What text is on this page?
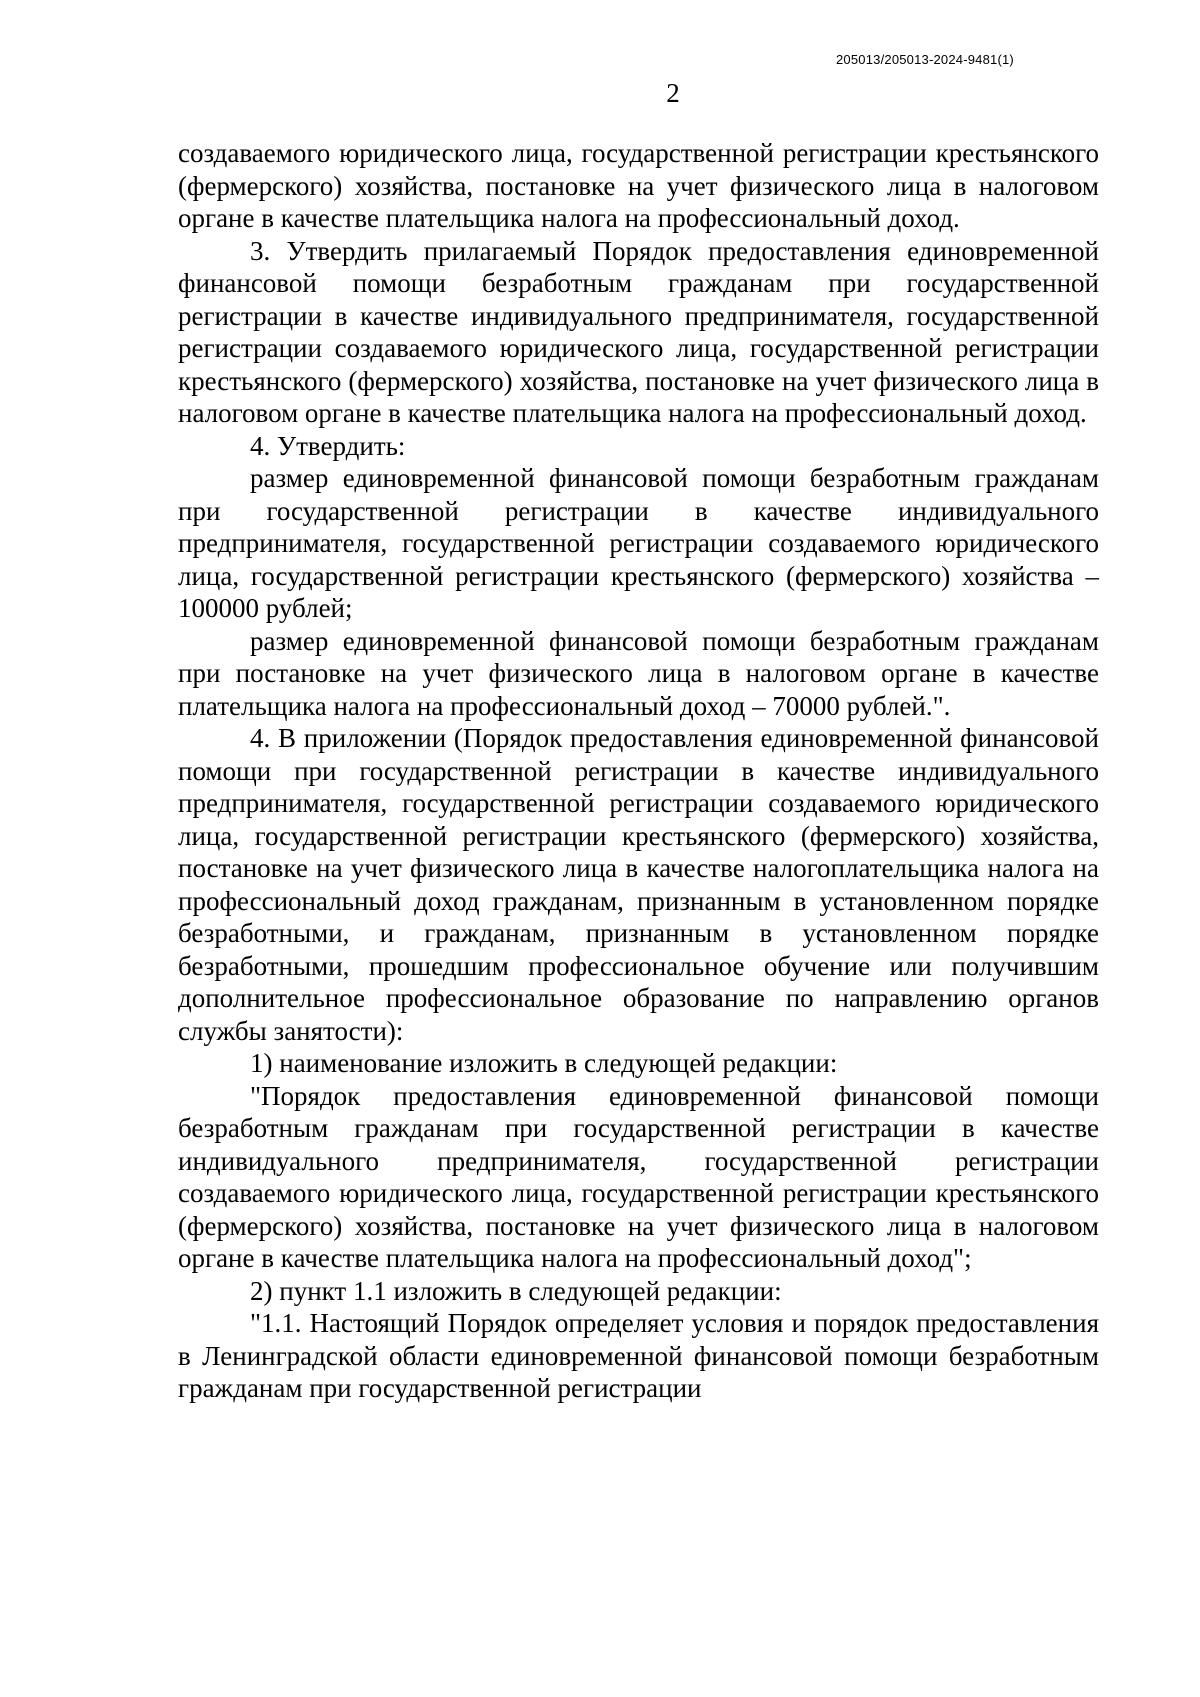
205013/205013-2024-9481(1)
2

создаваемого юридического лица, государственной регистрации крестьянского (фермерского) хозяйства, постановке на учет физического лица в налоговом органе в качестве плательщика налога на профессиональный доход.

3. Утвердить прилагаемый Порядок предоставления единовременной финансовой помощи безработным гражданам при государственной регистрации в качестве индивидуального предпринимателя, государственной регистрации создаваемого юридического лица, государственной регистрации крестьянского (фермерского) хозяйства, постановке на учет физического лица в налоговом органе в качестве плательщика налога на профессиональный доход.

4. Утвердить:

размер единовременной финансовой помощи безработным гражданам при государственной регистрации в качестве индивидуального предпринимателя, государственной регистрации создаваемого юридического лица, государственной регистрации крестьянского (фермерского) хозяйства – 100000 рублей;

размер единовременной финансовой помощи безработным гражданам при постановке на учет физического лица в налоговом органе в качестве плательщика налога на профессиональный доход – 70000 рублей.".

4. В приложении (Порядок предоставления единовременной финансовой помощи при государственной регистрации в качестве индивидуального предпринимателя, государственной регистрации создаваемого юридического лица, государственной регистрации крестьянского (фермерского) хозяйства, постановке на учет физического лица в качестве налогоплательщика налога на профессиональный доход гражданам, признанным в установленном порядке безработными, и гражданам, признанным в установленном порядке безработными, прошедшим профессиональное обучение или получившим дополнительное профессиональное образование по направлению органов службы занятости):

1) наименование изложить в следующей редакции:

"Порядок предоставления единовременной финансовой помощи безработным гражданам при государственной регистрации в качестве индивидуального предпринимателя, государственной регистрации создаваемого юридического лица, государственной регистрации крестьянского (фермерского) хозяйства, постановке на учет физического лица в налоговом органе в качестве плательщика налога на профессиональный доход";

2) пункт 1.1 изложить в следующей редакции:

"1.1. Настоящий Порядок определяет условия и порядок предоставления в Ленинградской области единовременной финансовой помощи безработным гражданам при государственной регистрации
